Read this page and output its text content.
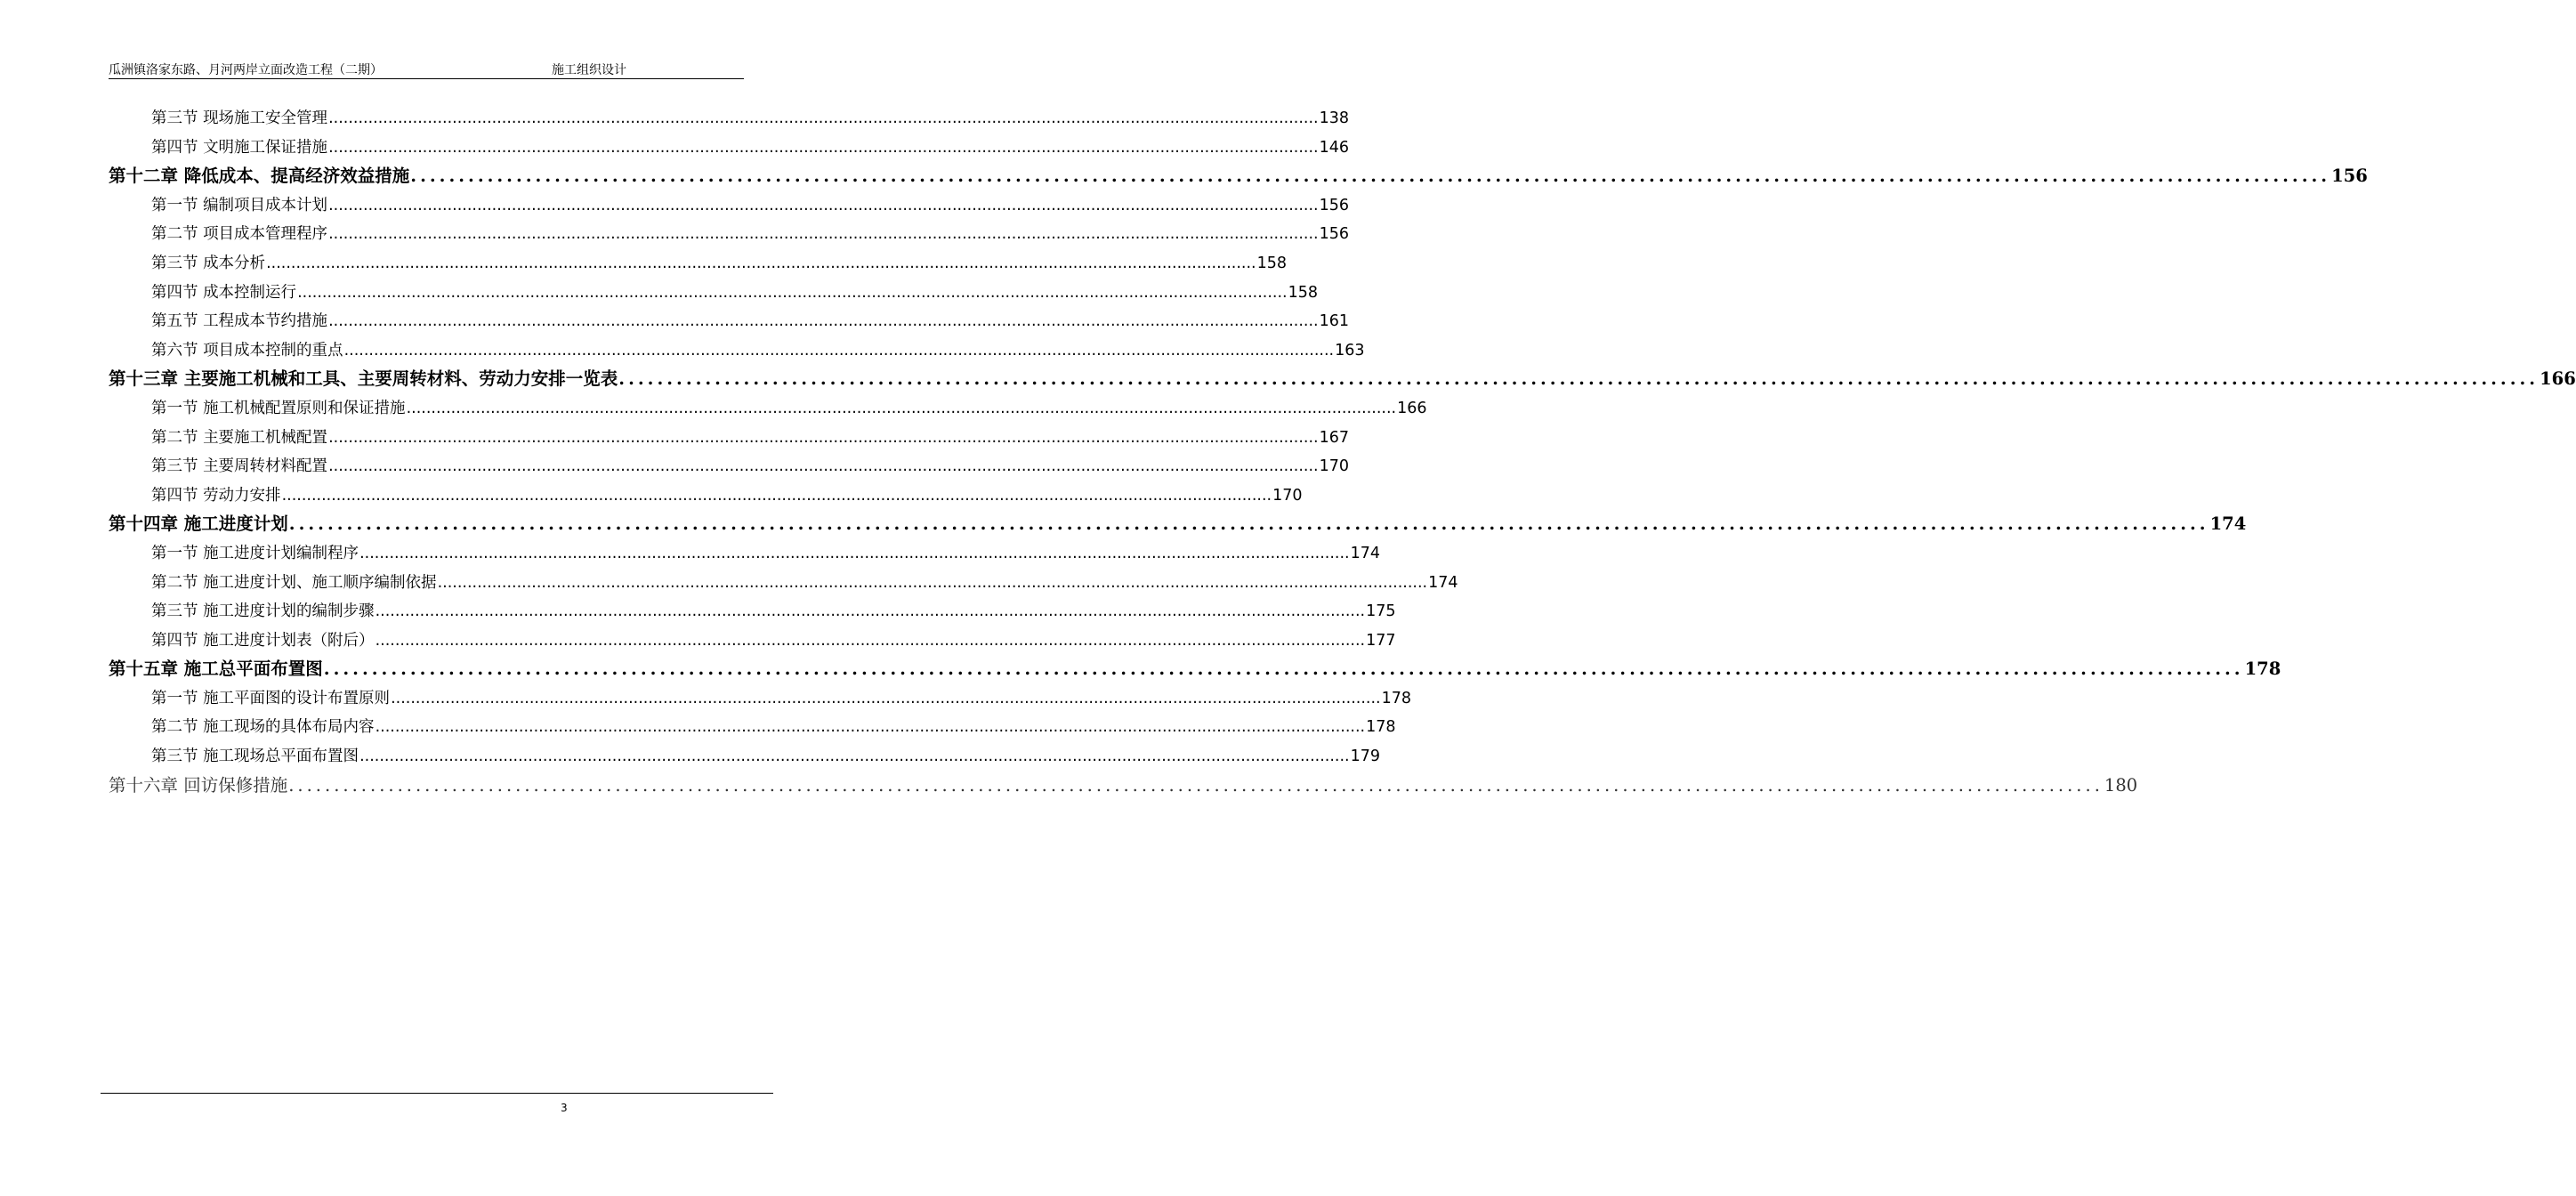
瓜洲镇洛家东路、月河两岸立面改造工程（二期）	施工组织设计
第三节 现场施工安全管理 ........................................................................................................................................................................................................ 138
第四节 文明施工保证措施 ........................................................................................................................................................................................................ 146
第十二章 降低成本、提高经济效益措施 ........................................................................................................................................................................................................ 156
第一节 编制项目成本计划 ........................................................................................................................................................................................................ 156
第二节 项目成本管理程序 ........................................................................................................................................................................................................ 156
第三节 成本分析 ........................................................................................................................................................................................................ 158
第四节 成本控制运行 ........................................................................................................................................................................................................ 158
第五节 工程成本节约措施 ........................................................................................................................................................................................................ 161
第六节 项目成本控制的重点 ........................................................................................................................................................................................................ 163
第十三章 主要施工机械和工具、主要周转材料、劳动力安排一览表 ........................................................................................................................................................................................................ 166
第一节 施工机械配置原则和保证措施 ........................................................................................................................................................................................................ 166
第二节 主要施工机械配置 ........................................................................................................................................................................................................ 167
第三节 主要周转材料配置 ........................................................................................................................................................................................................ 170
第四节 劳动力安排 ........................................................................................................................................................................................................ 170
第十四章 施工进度计划 ........................................................................................................................................................................................................ 174
第一节 施工进度计划编制程序 ........................................................................................................................................................................................................ 174
第二节 施工进度计划、施工顺序编制依据 ........................................................................................................................................................................................................ 174
第三节 施工进度计划的编制步骤 ........................................................................................................................................................................................................ 175
第四节 施工进度计划表（附后） ........................................................................................................................................................................................................ 177
第十五章 施工总平面布置图 ........................................................................................................................................................................................................ 178
第一节 施工平面图的设计布置原则 ........................................................................................................................................................................................................ 178
第二节 施工现场的具体布局内容 ........................................................................................................................................................................................................ 178
第三节 施工现场总平面布置图 ........................................................................................................................................................................................................ 179
第十六章 回访保修措施 ........................................................................................................................................................................................................ 180
3
